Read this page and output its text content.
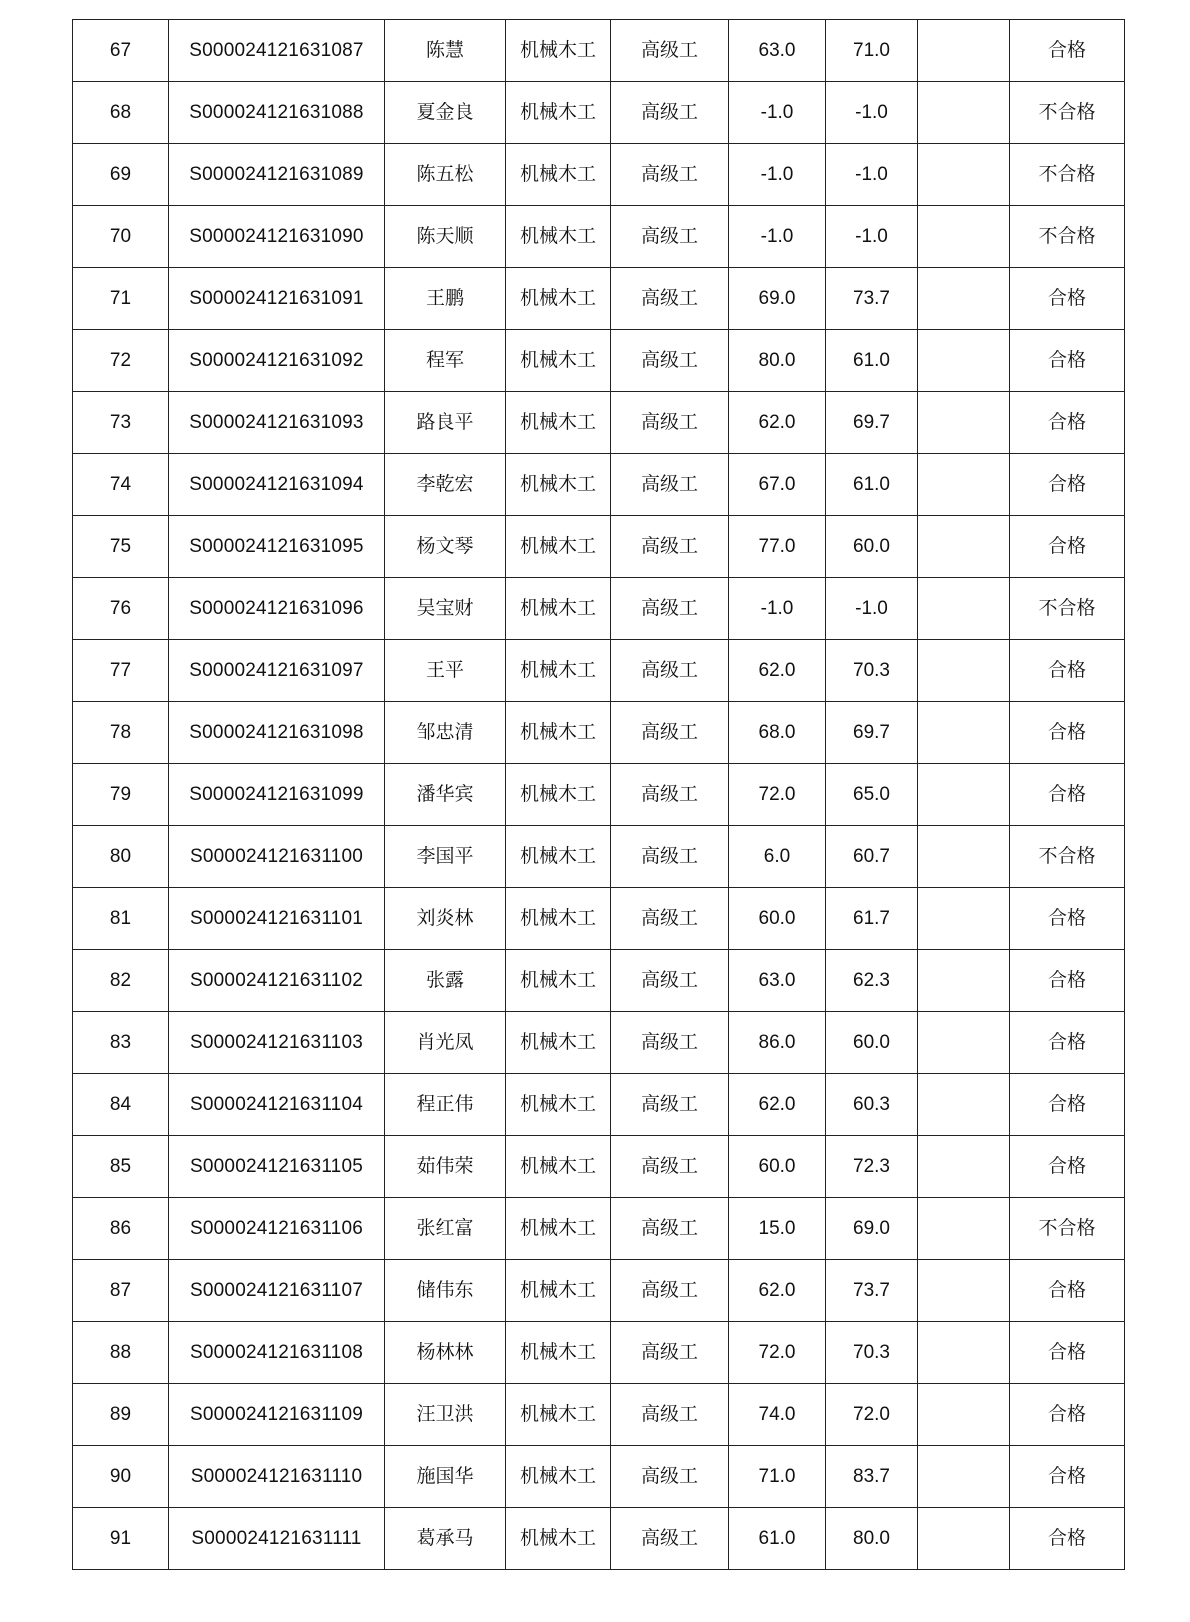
67	S000024121631087	陈慧	机械木工	高级工	63.0	71.0		合格
68	S000024121631088	夏金良	机械木工	高级工	-1.0	-1.0		不合格
69	S000024121631089	陈五松	机械木工	高级工	-1.0	-1.0		不合格
70	S000024121631090	陈天顺	机械木工	高级工	-1.0	-1.0		不合格
71	S000024121631091	王鹏	机械木工	高级工	69.0	73.7		合格
72	S000024121631092	程军	机械木工	高级工	80.0	61.0		合格
73	S000024121631093	路良平	机械木工	高级工	62.0	69.7		合格
74	S000024121631094	李乾宏	机械木工	高级工	67.0	61.0		合格
75	S000024121631095	杨文琴	机械木工	高级工	77.0	60.0		合格
76	S000024121631096	吴宝财	机械木工	高级工	-1.0	-1.0		不合格
77	S000024121631097	王平	机械木工	高级工	62.0	70.3		合格
78	S000024121631098	邹忠清	机械木工	高级工	68.0	69.7		合格
79	S000024121631099	潘华宾	机械木工	高级工	72.0	65.0		合格
80	S000024121631100	李国平	机械木工	高级工	6.0	60.7		不合格
81	S000024121631101	刘炎林	机械木工	高级工	60.0	61.7		合格
82	S000024121631102	张露	机械木工	高级工	63.0	62.3		合格
83	S000024121631103	肖光凤	机械木工	高级工	86.0	60.0		合格
84	S000024121631104	程正伟	机械木工	高级工	62.0	60.3		合格
85	S000024121631105	茹伟荣	机械木工	高级工	60.0	72.3		合格
86	S000024121631106	张红富	机械木工	高级工	15.0	69.0		不合格
87	S000024121631107	储伟东	机械木工	高级工	62.0	73.7		合格
88	S000024121631108	杨林林	机械木工	高级工	72.0	70.3		合格
89	S000024121631109	汪卫洪	机械木工	高级工	74.0	72.0		合格
90	S000024121631110	施国华	机械木工	高级工	71.0	83.7		合格
91	S000024121631111	葛承马	机械木工	高级工	61.0	80.0		合格
